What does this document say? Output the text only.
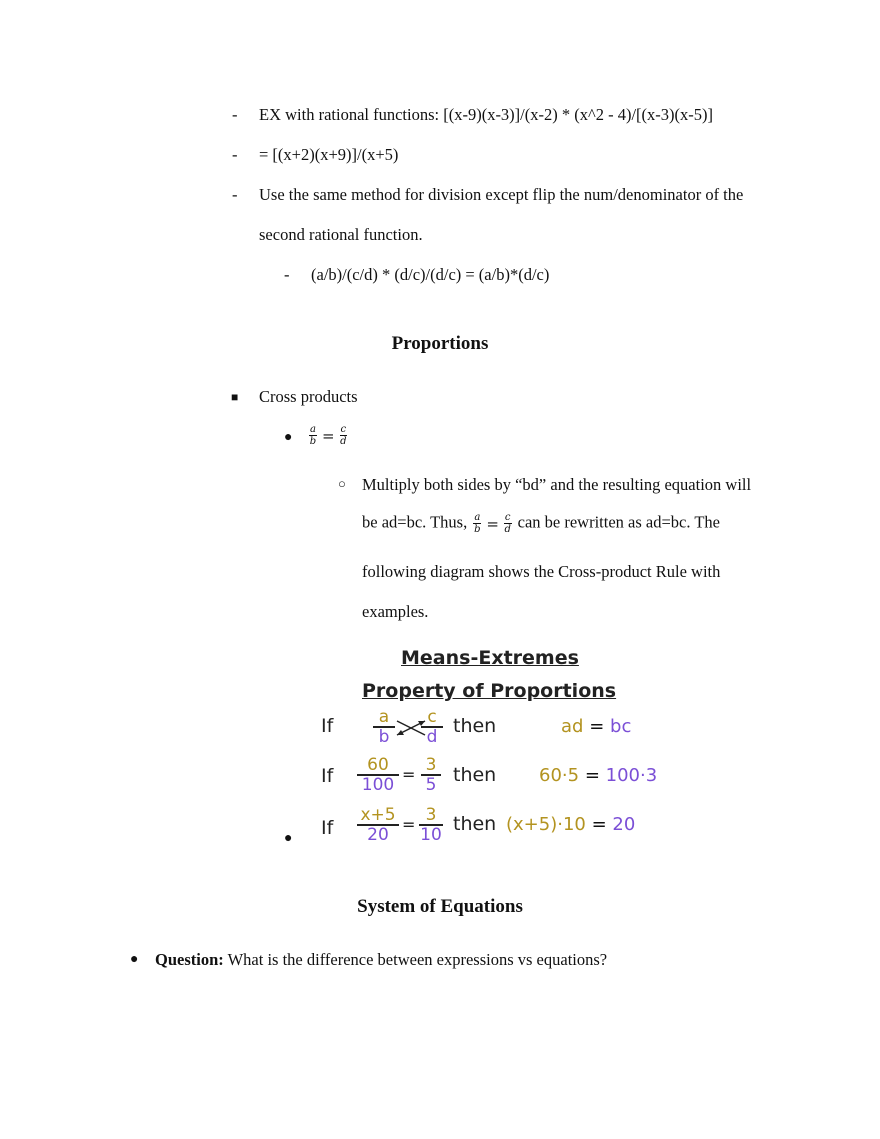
- EX with rational functions: [(x-9)(x-3)]/(x-2) * (x^2 - 4)/[(x-3)(x-5)]
- = [(x+2)(x+9)]/(x+5)
- Use the same method for division except flip the num/denominator of the
second rational function.
- (a/b)/(c/d) * (d/c)/(d/c) = (a/b)*(d/c)
Proportions
■ Cross products
● $\frac{a}{b} = \frac{c}{d}$
○ Multiply both sides by “bd” and the resulting equation will
be ad=bc. Thus, $\frac{a}{b} = \frac{c}{d}$ can be rewritten as ad=bc. The
following diagram shows the Cross-product Rule with
examples.
●
Means-Extremes
Property of Proportions
If $\frac{a}{b} \frac{c}{d}$ then	ad = bc
If $\frac{60}{100} = \frac{3}{5}$ then 60·5 = 100·3
If $\frac{x+5}{20} = \frac{3}{10}$ then (x+5)·10 = 20
System of Equations
● Question: What is the difference between expressions vs equations?
